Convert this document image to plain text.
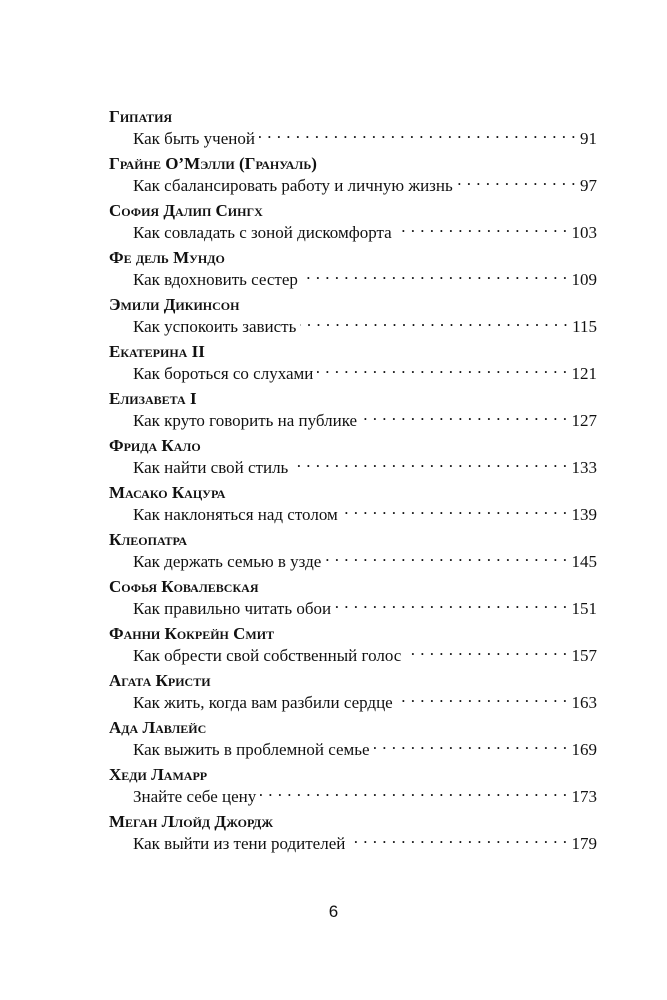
Гипатия
Как быть ученой . . .	91
Грайне О’Мэлли (Грануаль)
Как сбалансировать работу и личную жизнь . . .	97
София Далип Сингх
Как совладать с зоной дискомфорта . . .	103
Фе дель Мундо
Как вдохновить сестер . . .	109
Эмили Дикинсон
Как успокоить зависть . . .	115
Екатерина II
Как бороться со слухами . . .	121
Елизавета I
Как круто говорить на публике . . .	127
Фрида Кало
Как найти свой стиль . . .	133
Масако Кацура
Как наклоняться над столом . . .	139
Клеопатра
Как держать семью в узде . . .	145
Софья Ковалевская
Как правильно читать обои . . .	151
Фанни Кокрейн Смит
Как обрести свой собственный голос . . .	157
Агата Кристи
Как жить, когда вам разбили сердце . . .	163
Ада Лавлейс
Как выжить в проблемной семье . . .	169
Хеди Ламарр
Знайте себе цену . . .	173
Меган Ллойд Джордж
Как выйти из тени родителей . . .	179
6
